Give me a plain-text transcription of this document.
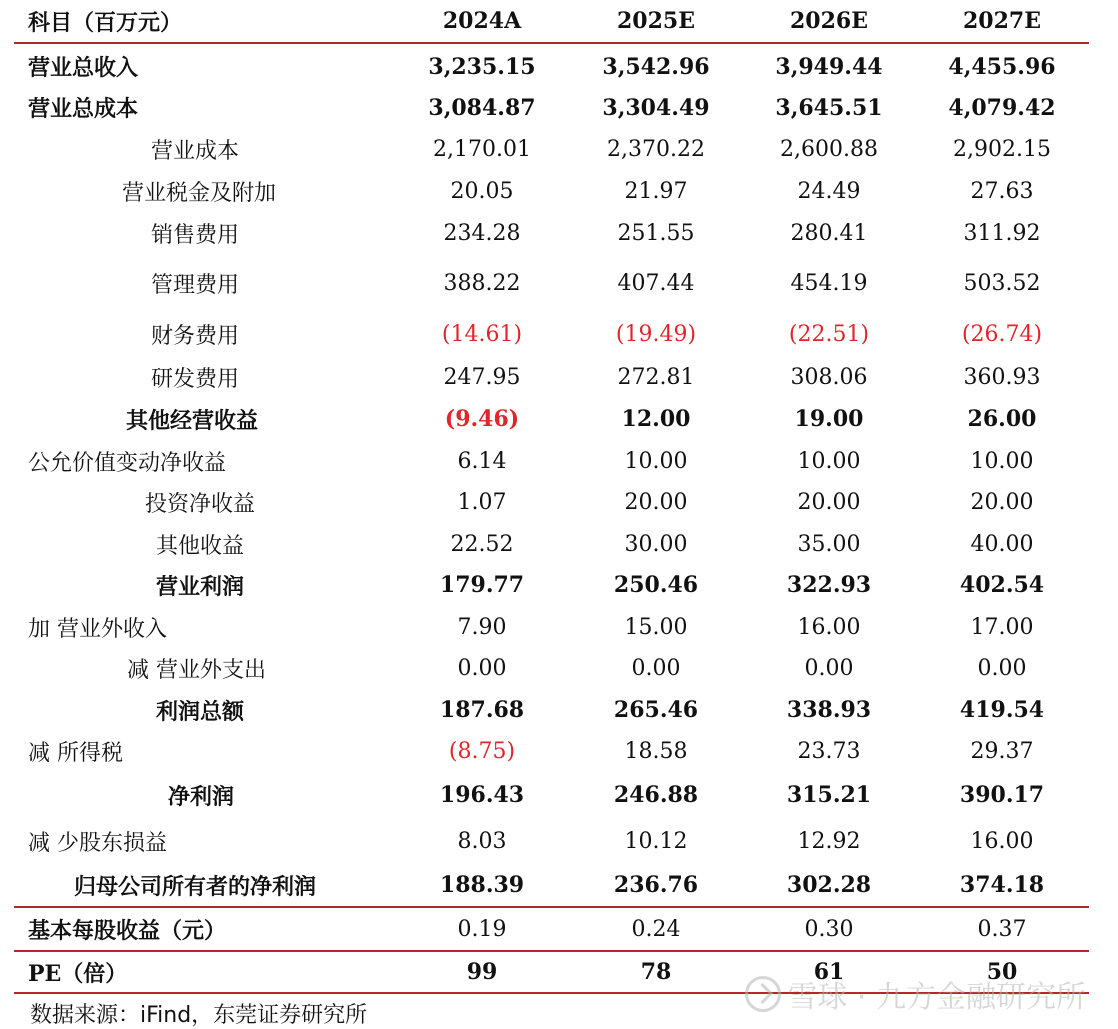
科目（百万元）	2024A	2025E	2026E	2027E
营业总收入	3,235.15	3,542.96	3,949.44	4,455.96
营业总成本	3,084.87	3,304.49	3,645.51	4,079.42
营业成本	2,170.01	2,370.22	2,600.88	2,902.15
营业税金及附加	20.05	21.97	24.49	27.63
销售费用	234.28	251.55	280.41	311.92
管理费用	388.22	407.44	454.19	503.52
财务费用	(14.61)	(19.49)	(22.51)	(26.74)
研发费用	247.95	272.81	308.06	360.93
其他经营收益	(9.46)	12.00	19.00	26.00
公允价值变动净收益	6.14	10.00	10.00	10.00
投资净收益	1.07	20.00	20.00	20.00
其他收益	22.52	30.00	35.00	40.00
营业利润	179.77	250.46	322.93	402.54
加 营业外收入	7.90	15.00	16.00	17.00
减 营业外支出	0.00	0.00	0.00	0.00
利润总额	187.68	265.46	338.93	419.54
减 所得税	(8.75)	18.58	23.73	29.37
净利润	196.43	246.88	315.21	390.17
减 少股东损益	8.03	10.12	12.92	16.00
归母公司所有者的净利润	188.39	236.76	302.28	374.18
基本每股收益（元）	0.19	0.24	0.30	0.37
PE（倍）	99	78	61	50
数据来源：iFind，东莞证券研究所
雪球 · 九方金融研究所
